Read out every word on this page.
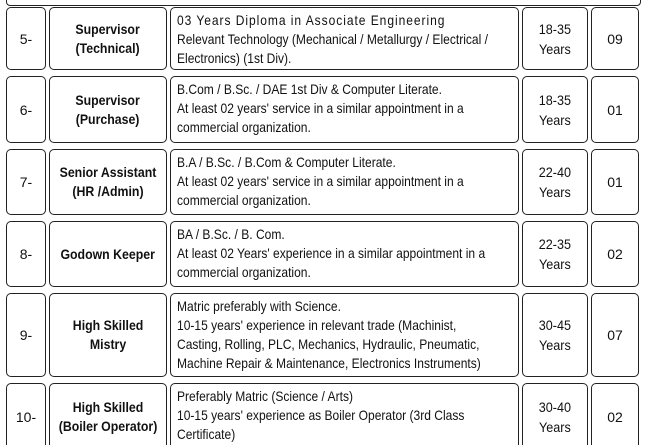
5-
Supervisor
(Technical)
03 Years Diploma in Associate Engineering
Relevant Technology (Mechanical / Metallurgy / Electrical /
Electronics) (1st Div).
18-35
Years
09
6-
Supervisor
(Purchase)
B.Com / B.Sc. / DAE 1st Div & Computer Literate.
At least 02 years' service in a similar appointment in a
commercial organization.
18-35
Years
01
7-
Senior Assistant
(HR /Admin)
B.A / B.Sc. / B.Com & Computer Literate.
At least 02 years' service in a similar appointment in a
commercial organization.
22-40
Years
01
8- Godown Keeper
BA / B.Sc. / B. Com.
At least 02 Years' experience in a similar appointment in a
commercial organization.
22-35
Years
02
9-
High Skilled
Mistry
Matric preferably with Science.
10-15 years' experience in relevant trade (Machinist,
Casting, Rolling, PLC, Mechanics, Hydraulic, Pneumatic,
Machine Repair & Maintenance, Electronics Instruments)
30-45
Years
07
10-
High Skilled
(Boiler Operator)
Preferably Matric (Science / Arts)
10-15 years' experience as Boiler Operator (3rd Class
Certificate)
30-40
Years
02
